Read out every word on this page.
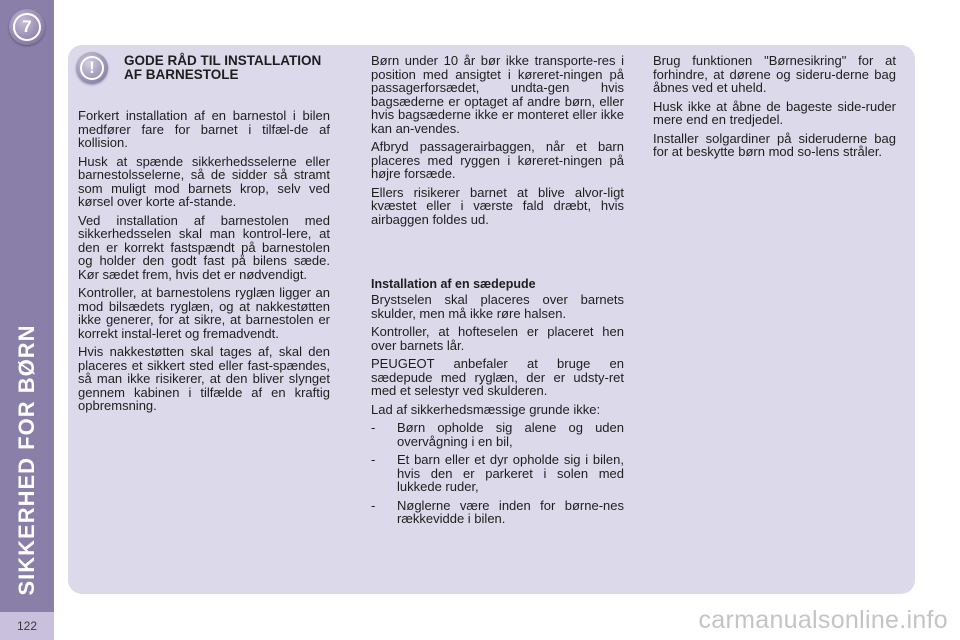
7
SIKKERHED FOR BØRN
122
!	GODE RÅD TIL INSTALLATION AF BARNESTOLE

Forkert installation af en barnestol i bilen medfører fare for barnet i tilfæl-de af kollision.

Husk at spænde sikkerhedsselerne eller barnestolsselerne, så de sidder så stramt som muligt mod barnets krop, selv ved kørsel over korte af-stande.

Ved installation af barnestolen med sikkerhedsselen skal man kontrol-lere, at den er korrekt fastspændt på barnestolen og holder den godt fast på bilens sæde. Kør sædet frem, hvis det er nødvendigt.

Kontroller, at barnestolens ryglæn ligger an mod bilsædets ryglæn, og at nakkestøtten ikke generer, for at sikre, at barnestolen er korrekt instal-leret og fremadvendt.

Hvis nakkestøtten skal tages af, skal den placeres et sikkert sted eller fast-spændes, så man ikke risikerer, at den bliver slynget gennem kabinen i tilfælde af en kraftig opbremsning.

Børn under 10 år bør ikke transporte-res i position med ansigtet i køreret-ningen på passagerforsædet, undta-gen hvis bagsæderne er optaget af andre børn, eller hvis bagsæderne ikke er monteret eller ikke kan an-vendes.

Afbryd passagerairbaggen, når et barn placeres med ryggen i køreret-ningen på højre forsæde.

Ellers risikerer barnet at blive alvor-ligt kvæstet eller i værste fald dræbt, hvis airbaggen foldes ud.

Installation af en sædepude

Brystselen skal placeres over barnets skulder, men må ikke røre halsen.

Kontroller, at hofteselen er placeret hen over barnets lår.

PEUGEOT anbefaler at bruge en sædepude med ryglæn, der er udsty-ret med et selestyr ved skulderen.

Lad af sikkerhedsmæssige grunde ikke:

- Børn opholde sig alene og uden overvågning i en bil,
- Et barn eller et dyr opholde sig i bilen, hvis den er parkeret i solen med lukkede ruder,
- Nøglerne være inden for børne-nes rækkevidde i bilen.

Brug funktionen "Børnesikring" for at forhindre, at dørene og sideru-derne bag åbnes ved et uheld.

Husk ikke at åbne de bageste side-ruder mere end en tredjedel.

Installer solgardiner på sideruderne bag for at beskytte børn mod so-lens stråler.

carmanualsonline.info
